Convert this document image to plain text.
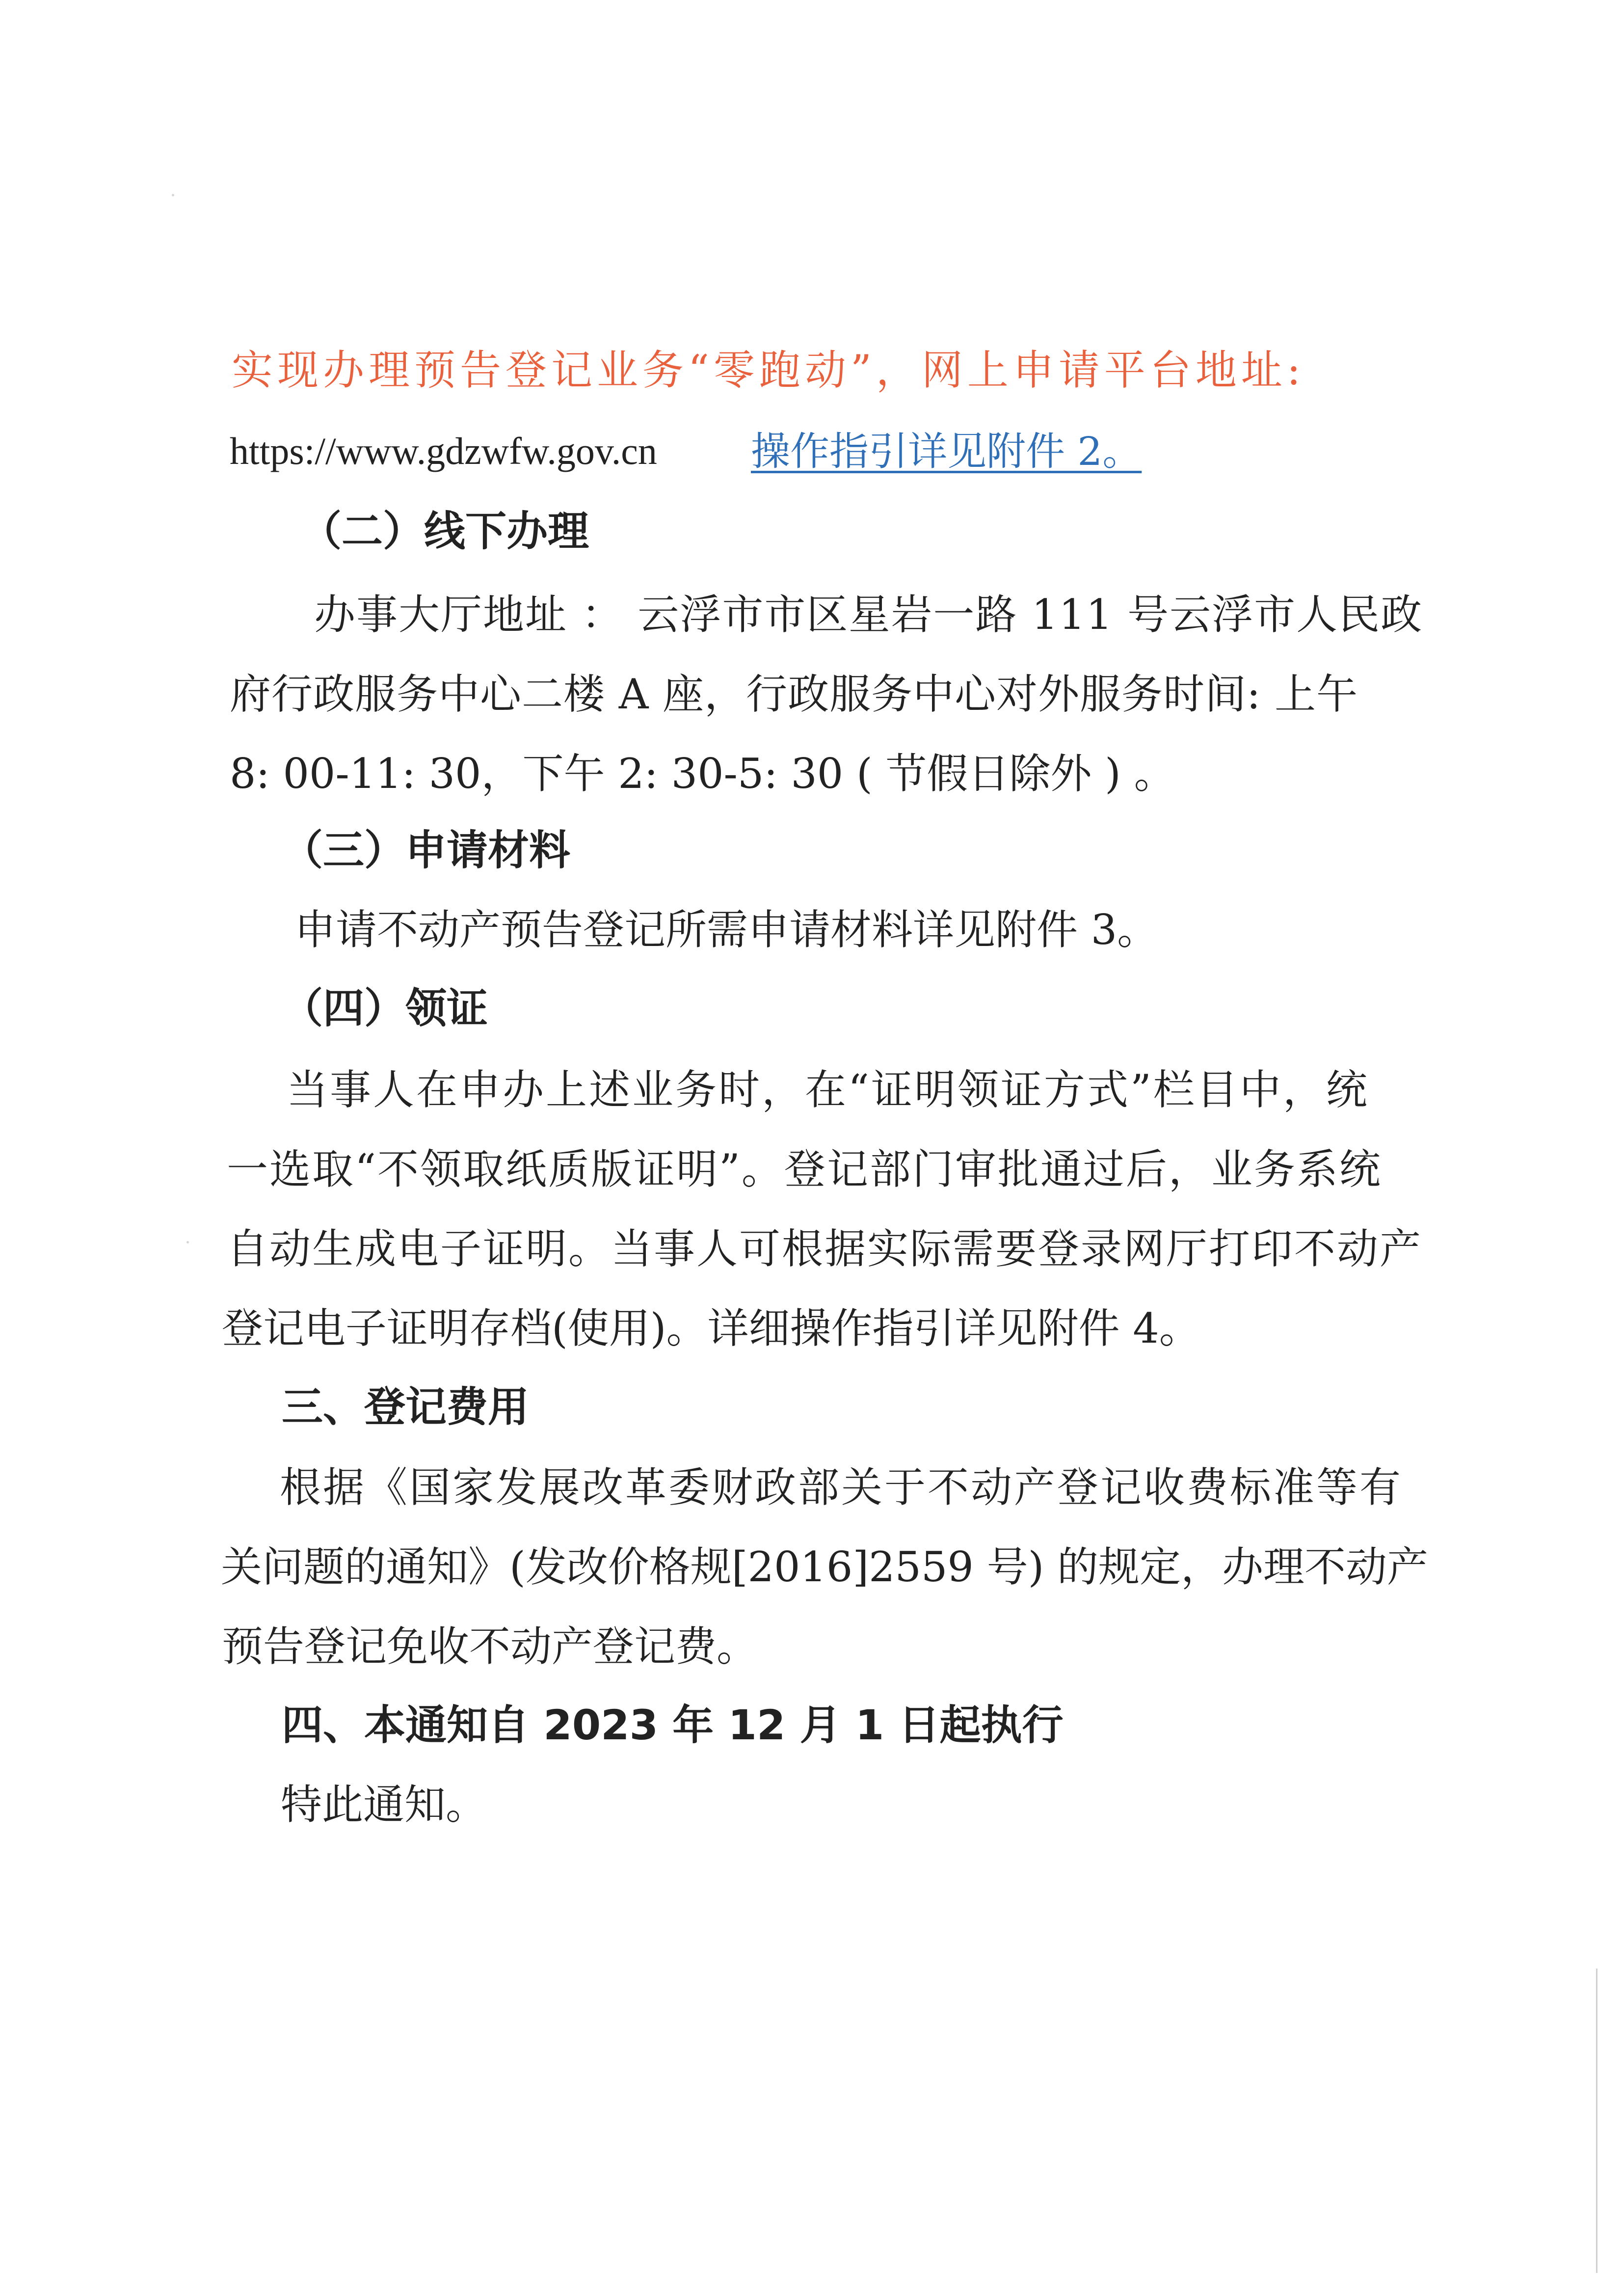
实现办理预告登记业务“零跑动”，网上申请平台地址:
https://www.gdzwfw.gov.cn 操作指引详见附件 2。
（二）线下办理
办事大厅地址 ： 云浮市市区星岩一路 111 号云浮市人民政
府行政服务中心二楼 A 座，行政服务中心对外服务时间: 上午
8: 00-11: 30，下午 2: 30-5: 30 ( 节假日除外 ) 。
（三）申请材料
申请不动产预告登记所需申请材料详见附件 3。
（四）领证
当事人在申办上述业务时，在“证明领证方式”栏目中，统
一选取“不领取纸质版证明”。登记部门审批通过后，业务系统
自动生成电子证明。当事人可根据实际需要登录网厅打印不动产
登记电子证明存档(使用)。详细操作指引详见附件 4。
三、登记费用
根据《国家发展改革委财政部关于不动产登记收费标准等有
关问题的通知》(发改价格规[2016]2559 号) 的规定，办理不动产
预告登记免收不动产登记费。
四、本通知自 2023 年 12 月 1 日起执行
特此通知。
